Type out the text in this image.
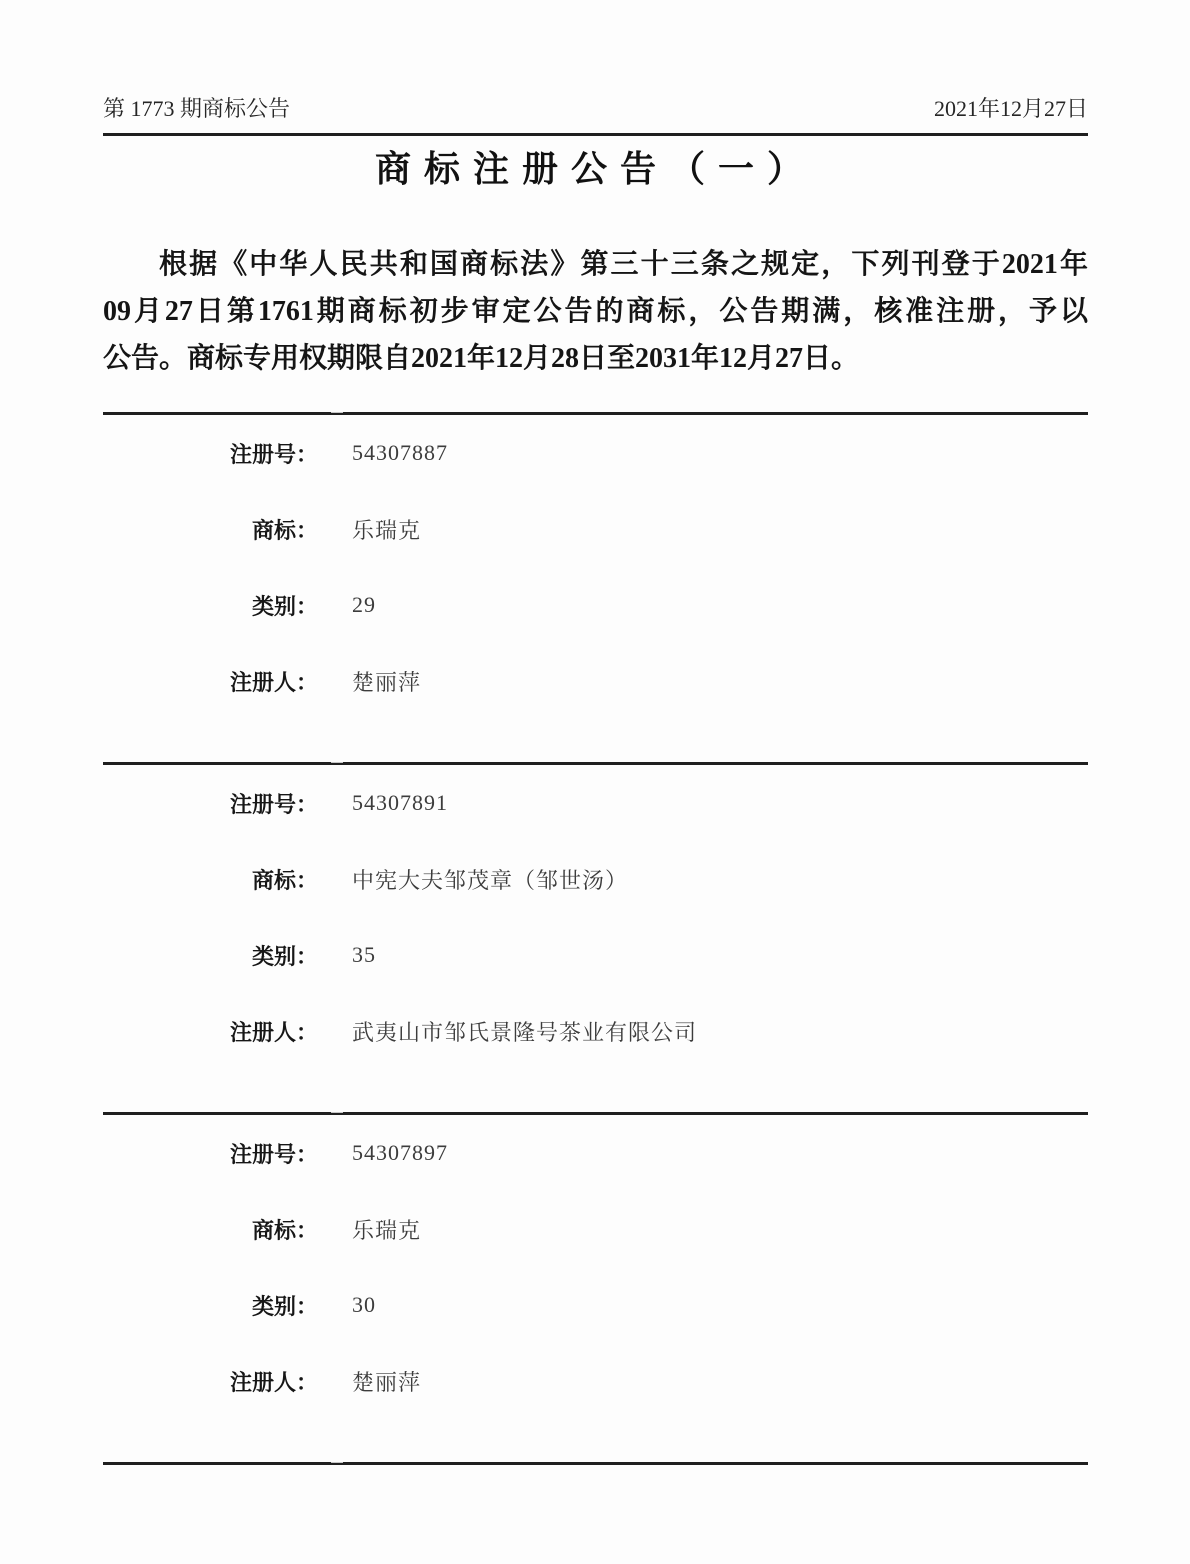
第 1773 期商标公告	2021年12月27日
商标注册公告（一）
根据《中华人民共和国商标法》第三十三条之规定，下列刊登于2021年
09月27日第1761期商标初步审定公告的商标，公告期满，核准注册，予以
公告。商标专用权期限自2021年12月28日至2031年12月27日。
注册号： 54307887
商标： 乐瑞克
类别： 29
注册人： 楚丽萍
注册号： 54307891
商标： 中宪大夫邹茂章（邹世汤）
类别： 35
注册人： 武夷山市邹氏景隆号茶业有限公司
注册号： 54307897
商标： 乐瑞克
类别： 30
注册人： 楚丽萍
